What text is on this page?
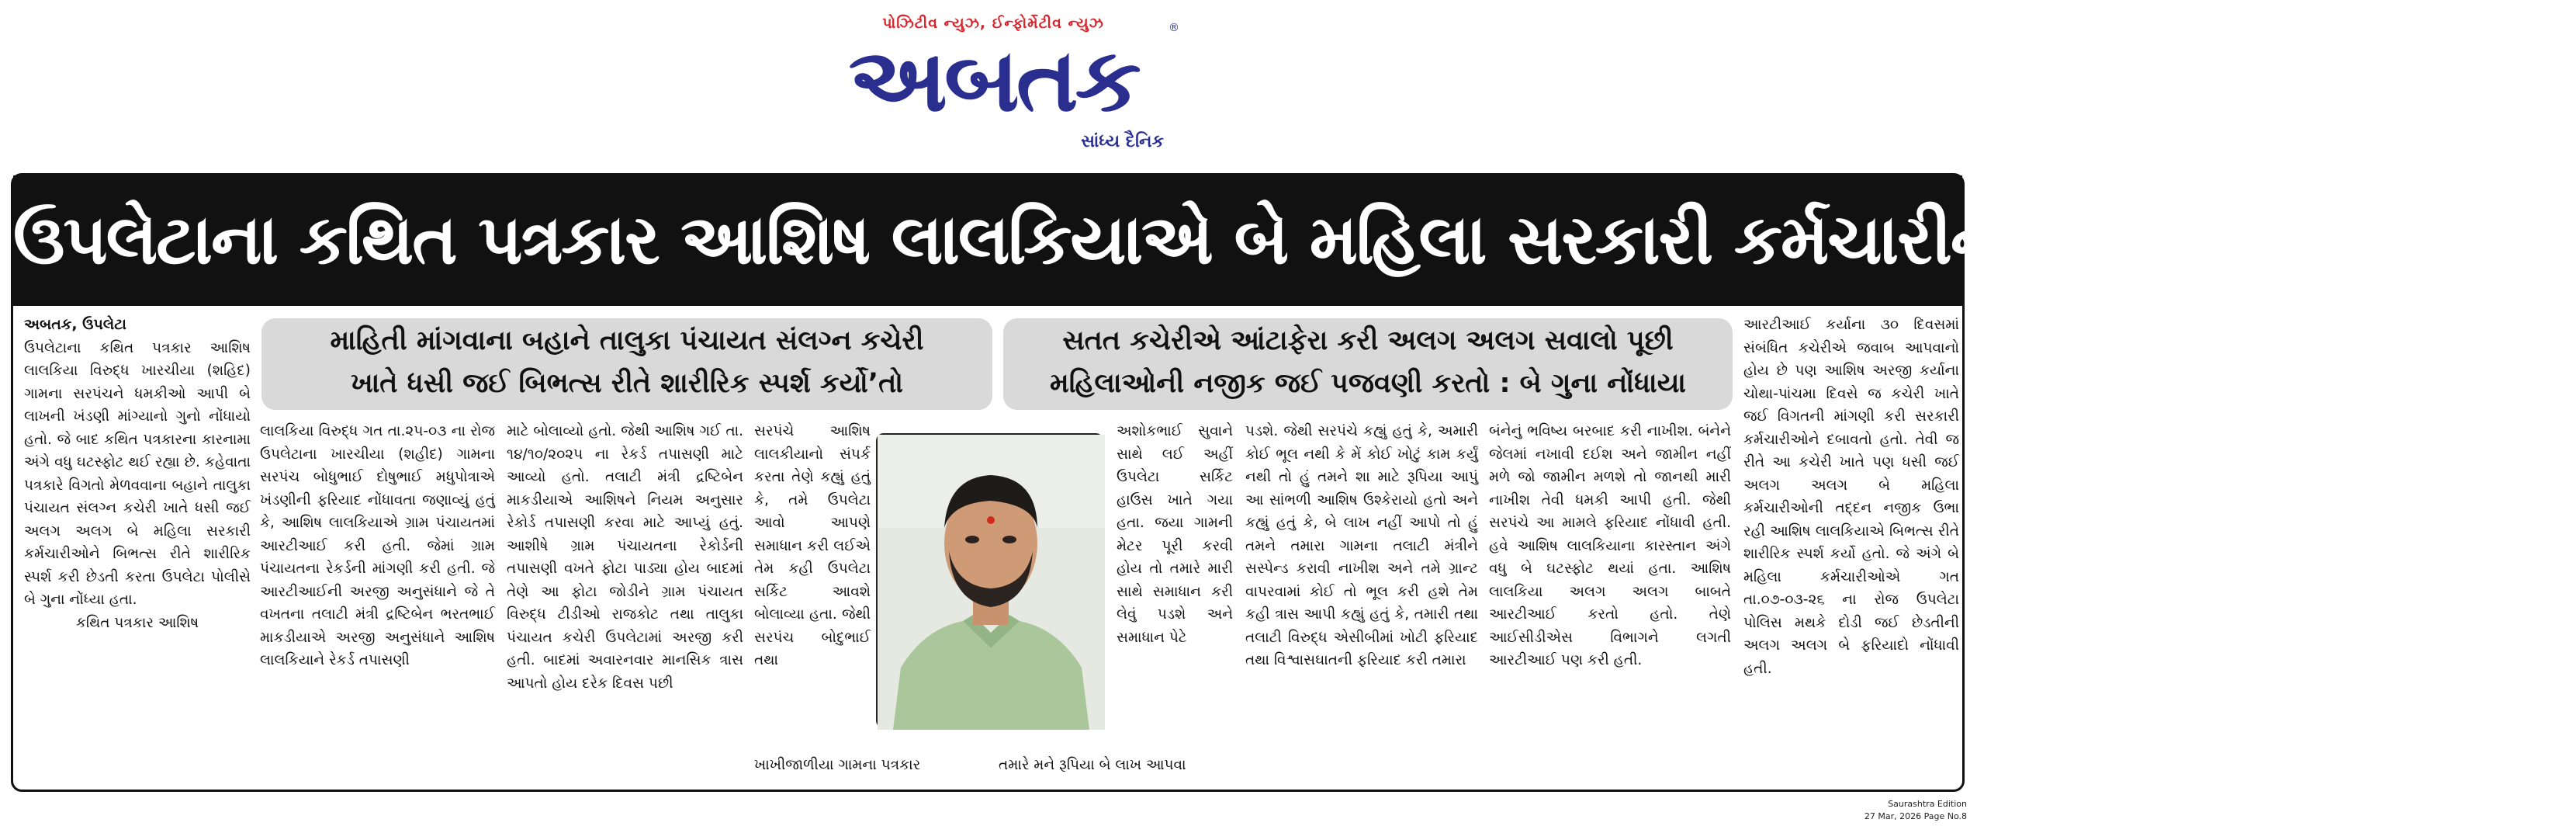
પોઝિટીવ ન્યુઝ, ઈન્ફોર્મેટીવ ન્યુઝ
અબતક
®
સાંધ્ય દૈનિક
ઉપલેટાના કથિત પત્રકાર આશિષ લાલકિયાએ બે મહિલા સરકારી કર્મચારીની છેડતી કર્યાનો ધડાકો

અબતક, ઉપલેટા

ઉપલેટાના કથિત પત્રકાર આશિષ લાલકિયા વિરુદ્ધ ખારચીયા (શહિદ) ગામના સરપંચને ધમકીઓ આપી બે લાખની ખંડણી માંગ્યાનો ગુનો નોંધાયો હતો. જે બાદ કથિત પત્રકારના કારનામા અંગે વધુ ઘટસ્ફોટ થઈ રહ્યા છે. કહેવાતા પત્રકારે વિગતો મેળવવાના બહાને તાલુકા પંચાયત સંલગ્ન કચેરી ખાતે ધસી જઈ અલગ અલગ બે મહિલા સરકારી કર્મચારીઓને બિભત્સ રીતે શારીરિક સ્પર્શ કરી છેડતી કરતા ઉપલેટા પોલીસે બે ગુના નોંધ્યા હતા.

કથિત પત્રકાર આશિષ

માહિતી માંગવાના બહાને તાલુકા પંચાયત સંલગ્ન કચેરી
ખાતે ધસી જઈ બિભત્સ રીતે શારીરિક સ્પર્શ કર્યો’તો
સતત કચેરીએ આંટાફેરા કરી અલગ અલગ સવાલો પૂછી
મહિલાઓની નજીક જઈ પજવણી કરતો : બે ગુના નોંધાયા

લાલકિયા વિરુદ્ધ ગત તા.૨૫-૦૩ ના રોજ ઉપલેટાના ખારચીયા (શહીદ) ગામના સરપંચ બોધુભાઈ દોષુભાઈ મધુપોત્રાએ ખંડણીની ફરિયાદ નોંધાવતા જણાવ્યું હતું કે, આશિષ લાલકિયાએ ગ્રામ પંચાયતમાં આરટીઆઈ કરી હતી. જેમાં ગ્રામ પંચાયતના રેકર્ડની માંગણી કરી હતી. જે આરટીઆઈની અરજી અનુસંધાને જે તે વખતના તલાટી મંત્રી દ્રષ્ટિબેન ભરતભાઈ માકડીયાએ અરજી અનુસંધાને આશિષ લાલકિયાને રેકર્ડ તપાસણી

માટે બોલાવ્યો હતો. જેથી આશિષ ગઈ તા. ૧૪/૧૦/૨૦૨૫ ના રેકર્ડ તપાસણી માટે આવ્યો હતો. તલાટી મંત્રી દ્રષ્ટિબેન માકડીયાએ આશિષને નિયમ અનુસાર રેકોર્ડ તપાસણી કરવા માટે આપ્યું હતું. આશીષે ગ્રામ પંચાયતના રેકોર્ડની તપાસણી વખતે ફોટા પાડ્યા હોય બાદમાં તેણે આ ફોટા જોડીને ગ્રામ પંચાયત વિરુદ્ધ ટીડીઓ રાજકોટ તથા તાલુકા પંચાયત કચેરી ઉપલેટામાં અરજી કરી હતી. બાદમાં અવારનવાર માનસિક ત્રાસ આપતો હોય દરેક દિવસ પછી

સરપંચે આશિષ લાલકીયાનો સંપર્ક કરતા તેણે કહ્યું હતું કે, તમે ઉપલેટા આવો આપણે સમાધાન કરી લઈએ તેમ કહી ઉપલેટા સર્કિટ આવશે બોલાવ્યા હતા. જેથી સરપંચ બોદુભાઈ તથા

ખાખીજાળીયા ગામના પત્રકાર

અશોકભાઈ સુવાને સાથે લઈ અહીં ઉપલેટા સર્કિટ હાઉસ ખાતે ગયા હતા. જયા ગામની મેટર પૂરી કરવી હોય તો તમારે મારી સાથે સમાધાન કરી લેવું પડશે અને સમાધાન પેટે

તમારે મને રૂપિયા બે લાખ આપવા

પડશે. જેથી સરપંચે કહ્યું હતું કે, અમારી કોઈ ભૂલ નથી કે મેં કોઈ ખોટું કામ કર્યું નથી તો હું તમને શા માટે રૂપિયા આપું આ સાંભળી આશિષ ઉશ્કેરાયો હતો અને કહ્યું હતું કે, બે લાખ નહીં આપો તો હું તમને તમારા ગામના તલાટી મંત્રીને સસ્પેન્ડ કરાવી નાખીશ અને તમે ગ્રાન્ટ વાપરવામાં કોઈ તો ભૂલ કરી હશે તેમ કહી ત્રાસ આપી કહ્યું હતું કે, તમારી તથા તલાટી વિરુદ્ધ એસીબીમાં ખોટી ફરિયાદ તથા વિશ્વાસઘાતની ફરિયાદ કરી તમારા

બંનેનું ભવિષ્ય બરબાદ કરી નાખીશ. બંનેને જેલમાં નખાવી દઈશ અને જામીન નહીં મળે જો જામીન મળશે તો જાનથી મારી નાખીશ તેવી ધમકી આપી હતી. જેથી સરપંચે આ મામલે ફરિયાદ નોંધાવી હતી. હવે આશિષ લાલકિયાના કારસ્તાન અંગે વધુ બે ઘટસ્ફોટ થયાં હતા. આશિષ લાલકિયા અલગ અલગ બાબતે આરટીઆઈ કરતો હતો. તેણે આઈસીડીએસ વિભાગને લગતી આરટીઆઈ પણ કરી હતી.

આરટીઆઈ કર્યાના ૩૦ દિવસમાં સંબંધિત કચેરીએ જવાબ આપવાનો હોય છે પણ આશિષ અરજી કર્યાના ચોથા-પાંચમા દિવસે જ કચેરી ખાતે જઈ વિગતની માંગણી કરી સરકારી કર્મચારીઓને દબાવતો હતો. તેવી જ રીતે આ કચેરી ખાતે પણ ધસી જઈ અલગ અલગ બે મહિલા કર્મચારીઓની તદ્દન નજીક ઉભા રહી આશિષ લાલકિયાએ બિભત્સ રીતે શારીરિક સ્પર્શ કર્યો હતો. જે અંગે બે મહિલા કર્મચારીઓએ ગત તા.૦૭-૦૩-૨૬ ના રોજ ઉપલેટા પોલિસ મથકે દોડી જઈ છેડતીની અલગ અલગ બે ફરિયાદો નોંધાવી હતી.

Saurashtra Edition
27 Mar, 2026 Page No.8
